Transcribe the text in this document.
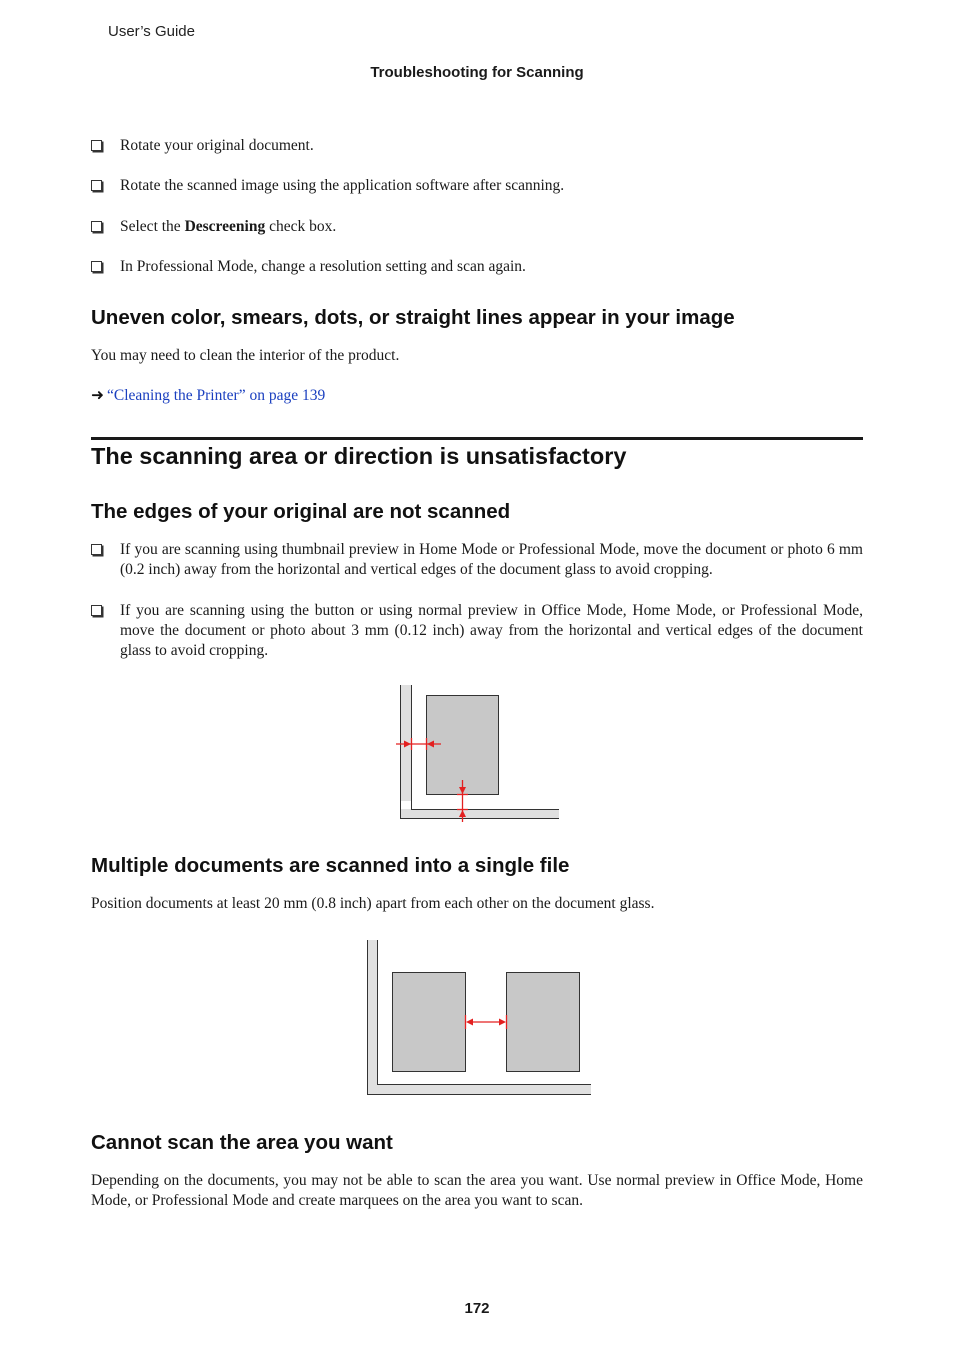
User’s Guide
Troubleshooting for Scanning
Rotate your original document.
Rotate the scanned image using the application software after scanning.
Select the Descreening check box.
In Professional Mode, change a resolution setting and scan again.
Uneven color, smears, dots, or straight lines appear in your image
You may need to clean the interior of the product.
➜ “Cleaning the Printer” on page 139
The scanning area or direction is unsatisfactory
The edges of your original are not scanned
If you are scanning using thumbnail preview in Home Mode or Professional Mode, move the document or photo 6 mm (0.2 inch) away from the horizontal and vertical edges of the document glass to avoid cropping.
If you are scanning using the button or using normal preview in Office Mode, Home Mode, or Professional Mode, move the document or photo about 3 mm (0.12 inch) away from the horizontal and vertical edges of the document glass to avoid cropping.
Multiple documents are scanned into a single file
Position documents at least 20 mm (0.8 inch) apart from each other on the document glass.
Cannot scan the area you want
Depending on the documents, you may not be able to scan the area you want. Use normal preview in Office Mode, Home Mode, or Professional Mode and create marquees on the area you want to scan.
172
